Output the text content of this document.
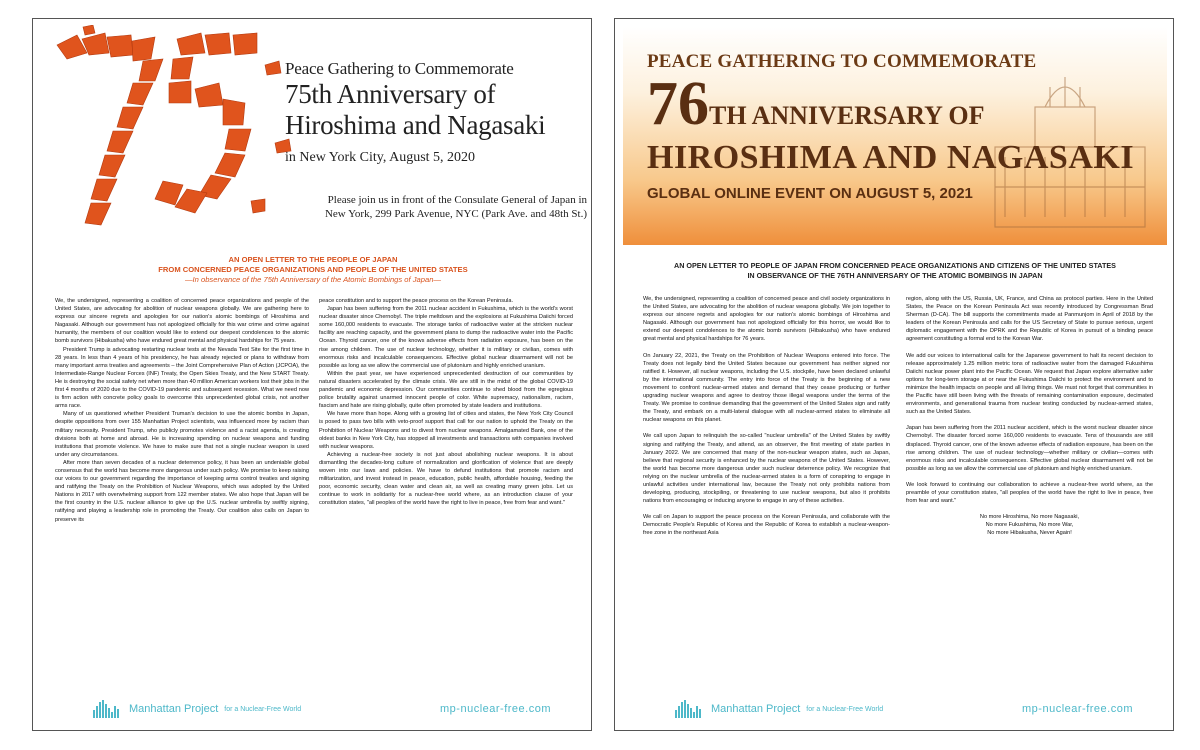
Peace Gathering to Commemorate
75th Anniversary of
Hiroshima and Nagasaki
in New York City, August 5, 2020
Please join us in front of the Consulate General of Japan in
New York, 299 Park Avenue, NYC (Park Ave. and 48th St.)
AN OPEN LETTER TO THE PEOPLE OF JAPAN
FROM CONCERNED PEACE ORGANIZATIONS AND PEOPLE OF THE UNITED STATES
—In observance of the 75th Anniversary of the Atomic Bombings of Japan—

We, the undersigned, representing a coalition of concerned peace organizations and people of the United States, are advocating for abolition of nuclear weapons globally. We are gathering here to express our sincere regrets and apologies for our nation's atomic bombings of Hiroshima and Nagasaki. Although our government has not apologized officially for this war crime and crime against humanity, the members of our coalition would like to extend our deepest condolences to the atomic bomb survivors (Hibakusha) who have endured great mental and physical hardships for 75 years.

President Trump is advocating restarting nuclear tests at the Nevada Test Site for the first time in 28 years. In less than 4 years of his presidency, he has already rejected or plans to withdraw from many important arms treaties and agreements – the Joint Comprehensive Plan of Action (JCPOA), the Intermediate-Range Nuclear Forces (INF) Treaty, the Open Skies Treaty, and the New START Treaty. He is destroying the social safety net when more than 40 million American workers lost their jobs in the first 4 months of 2020 due to the COVID-19 pandemic and subsequent recession. What we need now is firm action with concrete policy goals to overcome this unprecedented global crisis, not another arms race.

Many of us questioned whether President Truman's decision to use the atomic bombs in Japan, despite oppositions from over 155 Manhattan Project scientists, was influenced more by racism than military necessity. President Trump, who publicly promotes violence and a racist agenda, is creating divisions both at home and abroad. He is increasing spending on nuclear weapons and funding institutions that promote violence. We have to make sure that not a single nuclear weapon is used under any circumstances.

After more than seven decades of a nuclear deterrence policy, it has been an undeniable global consensus that the world has become more dangerous under such policy. We promise to keep raising our voices to our government regarding the importance of keeping arms control treaties and signing and ratifying the Treaty on the Prohibition of Nuclear Weapons, which was adopted by the United Nations in 2017 with overwhelming support from 122 member states. We also hope that Japan will be the first country in the U.S. nuclear alliance to give up the U.S. nuclear umbrella by swiftly signing, ratifying and playing a leadership role in promoting the Treaty. Our coalition also calls on Japan to preserve its

peace constitution and to support the peace process on the Korean Peninsula.

Japan has been suffering from the 2011 nuclear accident in Fukushima, which is the world's worst nuclear disaster since Chernobyl. The triple meltdown and the explosions at Fukushima Daiichi forced some 160,000 residents to evacuate. The storage tanks of radioactive water at the stricken nuclear facility are reaching capacity, and the government plans to dump the radioactive water into the Pacific Ocean. Thyroid cancer, one of the knows adverse effects from radiation exposure, has been on the rise among children. The use of nuclear technology, whether it is military or civilian, comes with enormous risks and incalculable consequences. Effective global nuclear disarmament will not be possible as long as we allow the commercial use of plutonium and highly enriched uranium.

Within the past year, we have experienced unprecedented destruction of our communities by natural disasters accelerated by the climate crisis. We are still in the midst of the global COVID-19 pandemic and economic depression. Our communities continue to shed blood from the egregious police brutality against unarmed innocent people of color. White supremacy, nationalism, racism, fascism and hate are rising globally, quite often promoted by state leaders and institutions.

We have more than hope. Along with a growing list of cities and states, the New York City Council is posed to pass two bills with veto-proof support that call for our nation to uphold the Treaty on the Prohibition of Nuclear Weapons and to divest from nuclear weapons. Amalgamated Bank, one of the oldest banks in New York City, has stopped all investments and transactions with companies involved with nuclear weapons.

Achieving a nuclear-free society is not just about abolishing nuclear weapons. It is about dismantling the decades-long culture of normalization and glorification of violence that are deeply woven into our laws and policies. We have to defund institutions that promote racism and militarization, and invest instead in peace, education, public health, affordable housing, feeding the poor, economic security, clean water and clean air, as well as creating many green jobs. Let us continue to work in solidarity for a nuclear-free world where, as an introduction clause of your constitution states, "all peoples of the world have the right to live in peace, free from fear and want."

Manhattan Project for a Nuclear-Free World	mp-nuclear-free.com
PEACE GATHERING TO COMMEMORATE
76TH ANNIVERSARY OF
HIROSHIMA AND NAGASAKI
GLOBAL ONLINE EVENT ON AUGUST 5, 2021
AN OPEN LETTER TO PEOPLE OF JAPAN FROM CONCERNED PEACE ORGANIZATIONS AND CITIZENS OF THE UNITED STATES
IN OBSERVANCE OF THE 76TH ANNIVERSARY OF THE ATOMIC BOMBINGS IN JAPAN

We, the undersigned, representing a coalition of concerned peace and civil society organizations in the United States, are advocating for the abolition of nuclear weapons globally. We join together to express our sincere regrets and apologies for our nation's atomic bombings of Hiroshima and Nagasaki. Although our government has not apologized officially for this horror, we would like to extend our deepest condolences to the atomic bomb survivors (Hibakusha) who have endured great mental and physical hardships for 76 years.

On January 22, 2021, the Treaty on the Prohibition of Nuclear Weapons entered into force. The Treaty does not legally bind the United States because our government has neither signed nor ratified it. However, all nuclear weapons, including the U.S. stockpile, have been declared unlawful by the international community. The entry into force of the Treaty is the beginning of a new movement to confront nuclear-armed states and demand that they cease producing or further upgrading nuclear weapons and agree to destroy those illegal weapons under the terms of the Treaty. We promise to continue demanding that the government of the United States sign and ratify the Treaty, and embark on a multi-lateral dialogue with all nuclear-armed states to eliminate all nuclear weapons on this planet.

We call upon Japan to relinquish the so-called "nuclear umbrella" of the United States by swiftly signing and ratifying the Treaty, and attend, as an observer, the first meeting of state parties in January 2022. We are concerned that many of the non-nuclear weapon states, such as Japan, believe that regional security is enhanced by the nuclear weapons of the United States. However, the world has become more dangerous under such nuclear deterrence policy. We recognize that relying on the nuclear umbrella of the nuclear-armed states is a form of conspiring to engage in unlawful activities under international law, because the Treaty not only prohibits nations from developing, producing, stockpiling, or threatening to use nuclear weapons, but also it prohibits nations from encouraging or inducing anyone to engage in any of these activities.

We call on Japan to support the peace process on the Korean Peninsula, and collaborate with the Democratic People's Republic of Korea and the Republic of Korea to establish a nuclear-weapon-free zone in the northeast Asia

region, along with the US, Russia, UK, France, and China as protocol parties. Here in the United States, the Peace on the Korean Peninsula Act was recently introduced by Congressman Brad Sherman (D-CA). The bill supports the commitments made at Panmunjom in April of 2018 by the leaders of the Korean Peninsula and calls for the US Secretary of State to pursue serious, urgent diplomatic engagement with the DPRK and the Republic of Korea in pursuit of a binding peace agreement constituting a formal end to the Korean War.

We add our voices to international calls for the Japanese government to halt its recent decision to release approximately 1.25 million metric tons of radioactive water from the damaged Fukushima Daiichi nuclear power plant into the Pacific Ocean. We request that Japan explore alternative safer options for long-term storage at or near the Fukushima Daiichi to protect the environment and to minimize the health impacts on people and all living things. We must not forget that communities in the Pacific have still been living with the threats of remaining contamination exposure, decimated environments, and generational trauma from nuclear testing conducted by nuclear-armed states, such as the United States.

Japan has been suffering from the 2011 nuclear accident, which is the worst nuclear disaster since Chernobyl. The disaster forced some 160,000 residents to evacuate. Tens of thousands are still displaced. Thyroid cancer, one of the known adverse effects of radiation exposure, has been on the rise among children. The use of nuclear technology—whether military or civilian—comes with enormous risks and incalculable consequences. Effective global nuclear disarmament will not be possible as long as we allow the commercial use of plutonium and highly enriched uranium.

We look forward to continuing our collaboration to achieve a nuclear-free world where, as the preamble of your constitution states, "all peoples of the world have the right to live in peace, free from fear and want."

No more Hiroshima, No more Nagasaki,
No more Fukushima, No more War,
No more Hibakusha, Never Again!
Manhattan Project for a Nuclear-Free World	mp-nuclear-free.com
